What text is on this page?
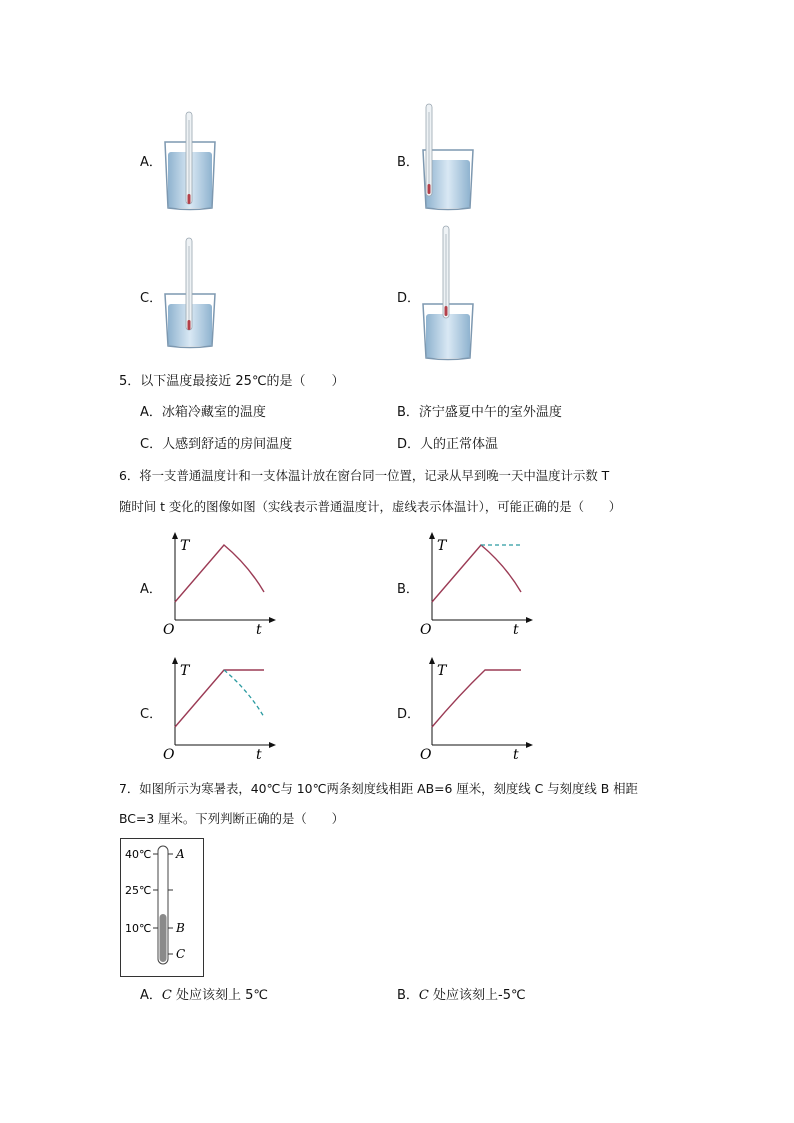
A．	B．
C．	D．
5．以下温度最接近 25℃的是（　　）
A．冰箱冷藏室的温度	B．济宁盛夏中午的室外温度
C．人感到舒适的房间温度	D．人的正常体温
6．将一支普通温度计和一支体温计放在窗台同一位置，记录从早到晚一天中温度计示数 T
随时间 t 变化的图像如图（实线表示普通温度计，虚线表示体温计），可能正确的是（　　）
A．
T
O	t
B．
T
O	t
C．
T
O	t
D．
T
O	t
7．如图所示为寒暑表，40℃与 10℃两条刻度线相距 AB=6 厘米，刻度线 C 与刻度线 B 相距
BC=3 厘米。下列判断正确的是（　　）
40℃
25℃
10℃
A
B
C
A．C 处应该刻上 5℃	B．C 处应该刻上-5℃
